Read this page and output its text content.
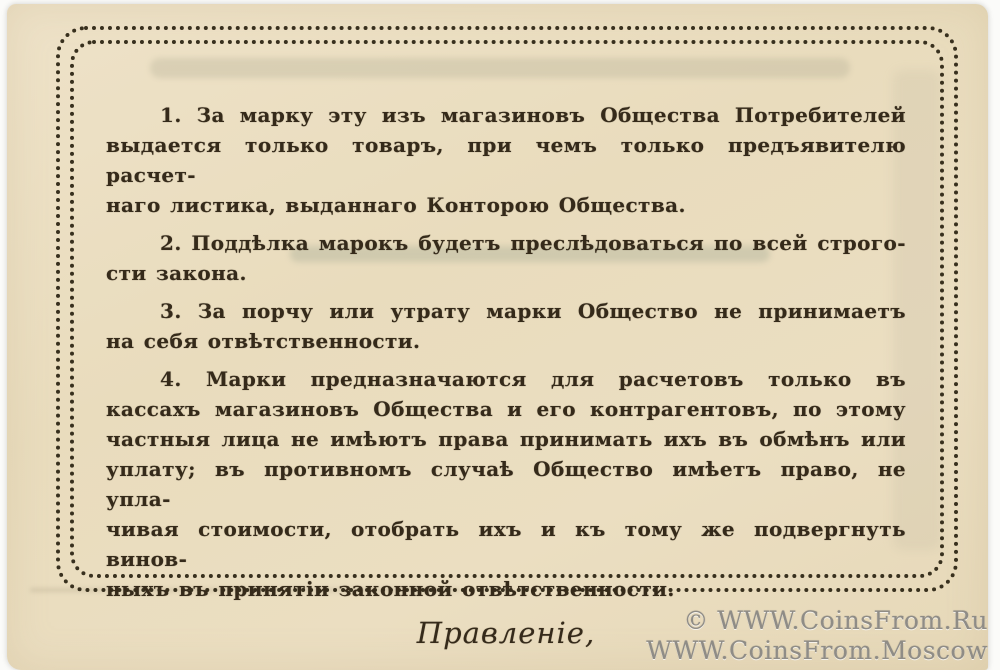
1. За марку эту изъ магазиновъ Общества Потребителей
выдается только товаръ, при чемъ только предъявителю расчет-
наго листика, выданнаго Конторою Общества.
2. Поддѣлка марокъ будетъ преслѣдоваться по всей строго-
сти закона.
3. За порчу или утрату марки Общество не принимаетъ
на себя отвѣтственности.
4. Марки предназначаются для расчетовъ только въ
кассахъ магазиновъ Общества и его контрагентовъ, по этому
частныя лица не имѣютъ права принимать ихъ въ обмѣнъ или
уплату; въ противномъ случаѣ Общество имѣетъ право, не упла-
чивая стоимости, отобрать ихъ и къ тому же подвергнуть винов-
ныхъ въ принятіи законной отвѣтственности.
Правленіе,	© WWW.CoinsFrom.Ru
WWW.CoinsFrom.Moscow
